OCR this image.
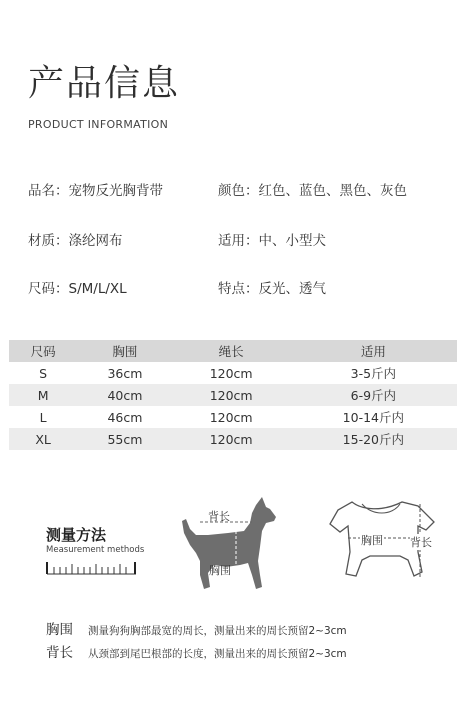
产品信息
PRODUCT INFORMATION
品名：宠物反光胸背带	颜色：红色、蓝色、黑色、灰色
材质：涤纶网布	适用：中、小型犬
尺码：S/M/L/XL	特点：反光、透气
尺码	胸围	绳长	适用
S	36cm	120cm	3-5斤内
M	40cm	120cm	6-9斤内
L	46cm	120cm	10-14斤内
XL	55cm	120cm	15-20斤内
测量方法
Measurement methods
背长
胸围
胸围 背长
胸围 测量狗狗胸部最宽的周长，测量出来的周长预留2~3cm
背长 从颈部到尾巴根部的长度，测量出来的周长预留2~3cm
